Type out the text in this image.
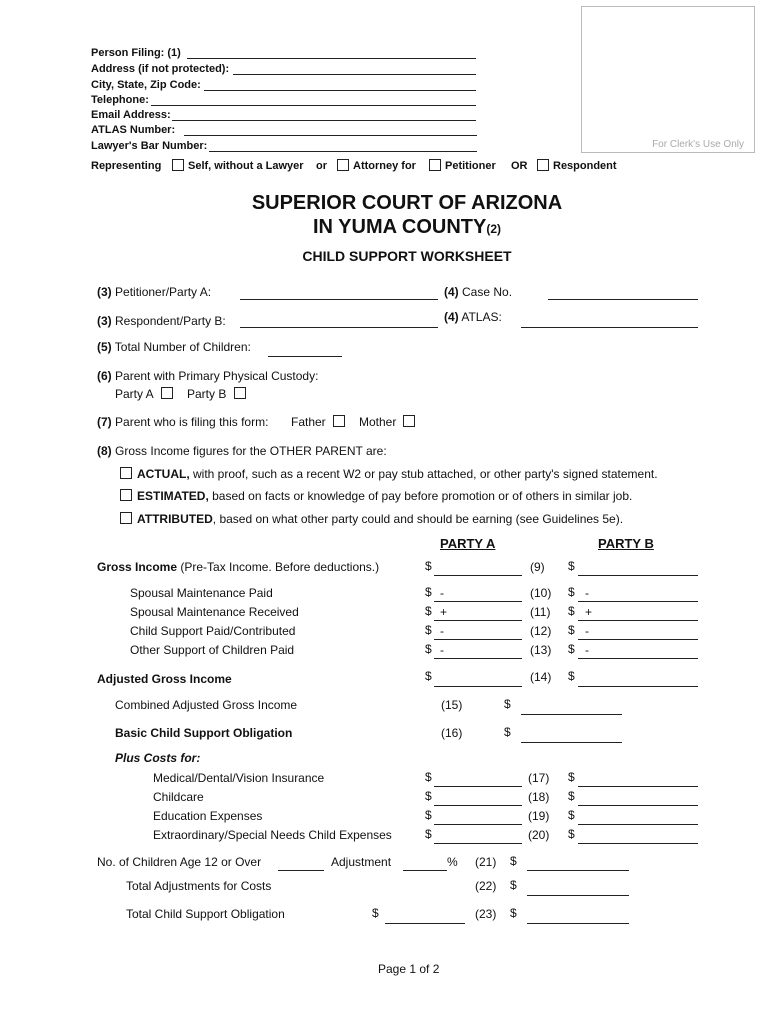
For Clerk's Use Only
Person Filing: (1)
Address (if not protected):
City, State, Zip Code:
Telephone:
Email Address:
ATLAS Number:
Lawyer's Bar Number:
Representing Self, without a Lawyer or Attorney for	Petitioner OR Respondent
SUPERIOR COURT OF ARIZONA
IN YUMA COUNTY(2)
CHILD SUPPORT WORKSHEET
(3) Petitioner/Party A:	(4) Case No.
(3) Respondent/Party B:	(4) ATLAS:
(5) Total Number of Children:
(6) Parent with Primary Physical Custody:
Party A	Party B
(7) Parent who is filing this form: Father	Mother
(8) Gross Income figures for the OTHER PARENT are:
ACTUAL, with proof, such as a recent W2 or pay stub attached, or other party's signed statement.
ESTIMATED, based on facts or knowledge of pay before promotion or of others in similar job.
ATTRIBUTED, based on what other party could and should be earning (see Guidelines 5e).
PARTY A	PARTY B
Gross Income (Pre-Tax Income. Before deductions.)	$	(9) $
Spousal Maintenance Paid	$ -	(10) $ -
Spousal Maintenance Received	$ +	(11) $ +
Child Support Paid/Contributed	$ -	(12) $ -
Other Support of Children Paid	$ -	(13) $ -
Adjusted Gross Income	$	(14) $
Combined Adjusted Gross Income	(15)	$
Basic Child Support Obligation	(16)	$
Plus Costs for:
Medical/Dental/Vision Insurance	$	(17) $
Childcare	$	(18) $
Education Expenses	$	(19) $
Extraordinary/Special Needs Child Expenses	$	(20) $
No. of Children Age 12 or Over	Adjustment	% (21) $
Total Adjustments for Costs	(22) $
Total Child Support Obligation	$	(23) $
Page 1 of 2
